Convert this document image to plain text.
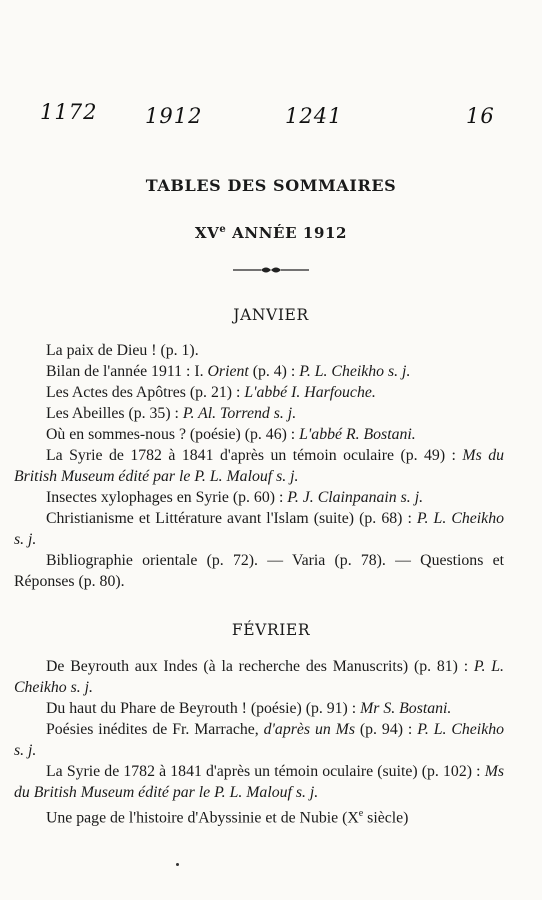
1172 1912	1241	16
TABLES DES SOMMAIRES
XVe ANNÉE 1912
JANVIER

La paix de Dieu ! (p. 1).

Bilan de l'année 1911 : I. Orient (p. 4) : P. L. Cheikho s. j.

Les Actes des Apôtres (p. 21) : L'abbé I. Harfouche.

Les Abeilles (p. 35) : P. Al. Torrend s. j.

Où en sommes-nous ? (poésie) (p. 46) : L'abbé R. Bostani.

La Syrie de 1782 à 1841 d'après un témoin oculaire (p. 49) : Ms du British Museum édité par le P. L. Malouf s. j.

Insectes xylophages en Syrie (p. 60) : P. J. Clainpanain s. j.

Christianisme et Littérature avant l'Islam (suite) (p. 68) : P. L. Cheikho s. j.

Bibliographie orientale (p. 72). — Varia (p. 78). — Questions et Réponses (p. 80).

FÉVRIER

De Beyrouth aux Indes (à la recherche des Manuscrits) (p. 81) : P. L. Cheikho s. j.

Du haut du Phare de Beyrouth ! (poésie) (p. 91) : Mr S. Bostani.

Poésies inédites de Fr. Marrache, d'après un Ms (p. 94) : P. L. Cheikho s. j.

La Syrie de 1782 à 1841 d'après un témoin oculaire (suite) (p. 102) : Ms du British Museum édité par le P. L. Malouf s. j.

Une page de l'histoire d'Abyssinie et de Nubie (Xe siècle)
